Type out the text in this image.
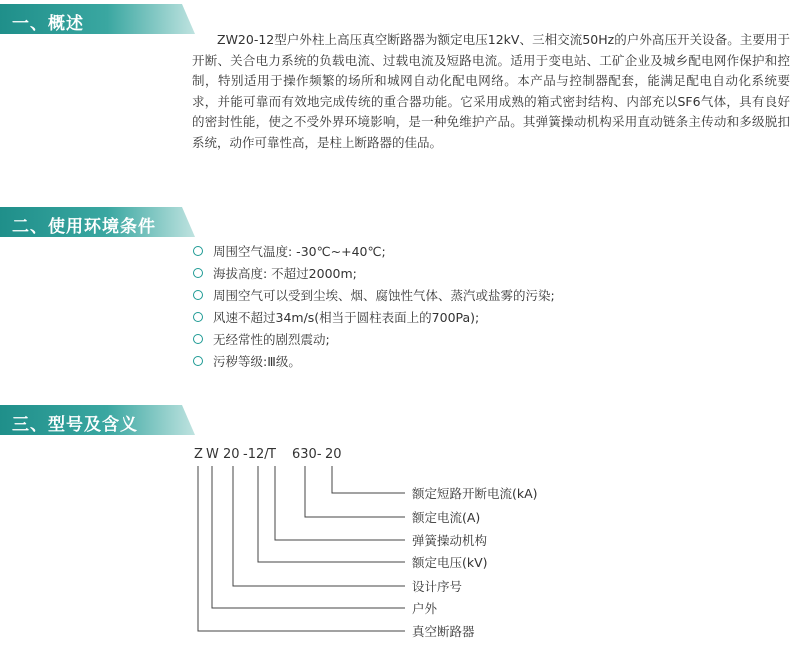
一、概述

ZW20-12型户外柱上高压真空断路器为额定电压12kV、三相交流50Hz的户外高压开关设备。主要用于开断、关合电力系统的负载电流、过载电流及短路电流。适用于变电站、工矿企业及城乡配电网作保护和控制，特别适用于操作频繁的场所和城网自动化配电网络。本产品与控制器配套，能满足配电自动化系统要求，并能可靠而有效地完成传统的重合器功能。它采用成熟的箱式密封结构、内部充以SF6气体，具有良好的密封性能，使之不受外界环境影响，是一种免维护产品。其弹簧操动机构采用直动链条主传动和多级脱扣系统，动作可靠性高，是柱上断路器的佳品。

二、使用环境条件
周围空气温度: -30℃~+40℃;
海拔高度: 不超过2000m;
周围空气可以受到尘埃、烟、腐蚀性气体、蒸汽或盐雾的污染;
风速不超过34m/s(相当于圆柱表面上的700Pa);
无经常性的剧烈震动;
污秽等级:Ⅲ级。
三、型号及含义
Z W 20 -12/ T 630- 20
额定短路开断电流(kA)
额定电流(A)
弹簧操动机构
额定电压(kV)
设计序号
户外
真空断路器
